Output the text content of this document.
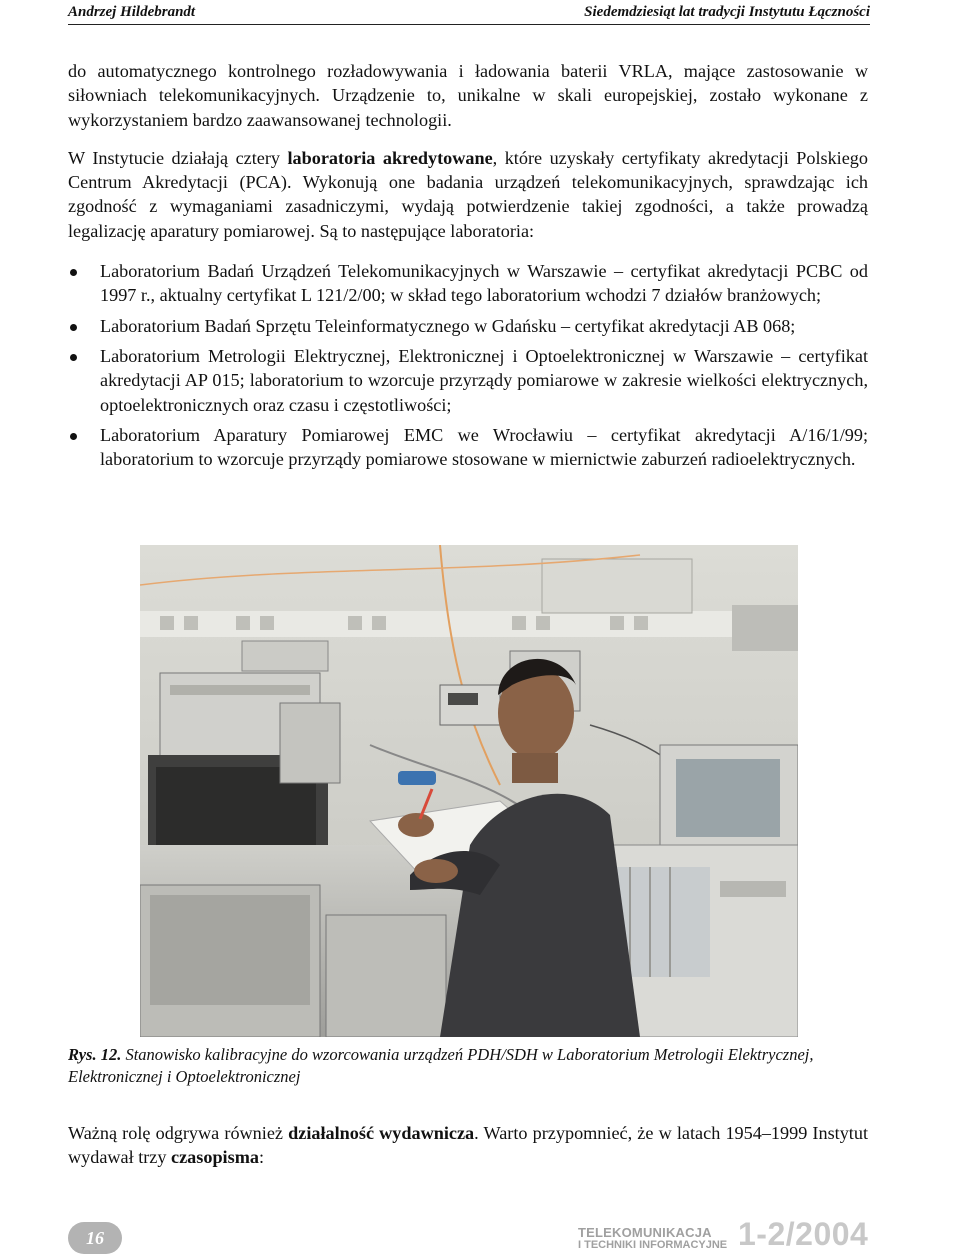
Andrzej Hildebrandt	Siedemdziesiąt lat tradycji Instytutu Łączności

do automatycznego kontrolnego rozładowywania i ładowania baterii VRLA, mające zastosowanie w siłowniach telekomunikacyjnych. Urządzenie to, unikalne w skali europejskiej, zostało wykonane z wykorzystaniem bardzo zaawansowanej technologii.

W Instytucie działają cztery laboratoria akredytowane, które uzyskały certyfikaty akredytacji Polskiego Centrum Akredytacji (PCA). Wykonują one badania urządzeń telekomunikacyjnych, sprawdzając ich zgodność z wymaganiami zasadniczymi, wydają potwierdzenie takiej zgodności, a także prowadzą legalizację aparatury pomiarowej. Są to następujące laboratoria:

Laboratorium Badań Urządzeń Telekomunikacyjnych w Warszawie – certyfikat akredytacji PCBC od 1997 r., aktualny certyfikat L 121/2/00; w skład tego laboratorium wchodzi 7 działów branżowych;
Laboratorium Badań Sprzętu Teleinformatycznego w Gdańsku – certyfikat akredytacji AB 068;
Laboratorium Metrologii Elektrycznej, Elektronicznej i Optoelektronicznej w Warszawie – certyfikat akredytacji AP 015; laboratorium to wzorcuje przyrządy pomiarowe w zakresie wielkości elektrycznych, optoelektronicznych oraz czasu i częstotliwości;
Laboratorium Aparatury Pomiarowej EMC we Wrocławiu – certyfikat akredytacji A/16/1/99; laboratorium to wzorcuje przyrządy pomiarowe stosowane w miernictwie zaburzeń radioelektrycznych.
Rys. 12. Stanowisko kalibracyjne do wzorcowania urządzeń PDH/SDH w Laboratorium Metrologii Elektrycznej, Elektronicznej i Optoelektronicznej
Ważną rolę odgrywa również działalność wydawnicza. Warto przypomnieć, że w latach 1954–1999 Instytut wydawał trzy czasopisma:
16	TELEKOMUNIKACJA
I TECHNIKI INFORMACYJNE 1-2/2004
